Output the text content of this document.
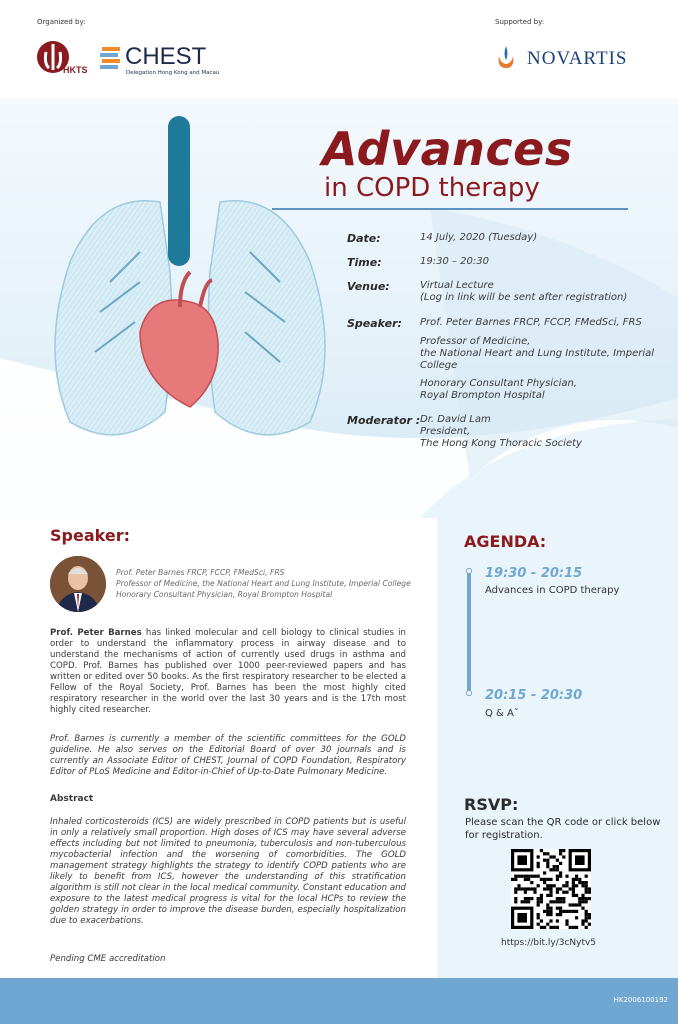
Organized by:	Supported by:
HKTS CHEST
Delegation Hong Kong and Macau
NOVARTIS
Advances
in COPD therapy
Date:	14 July, 2020 (Tuesday)
Time:	19:30 – 20:30
Venue:	Virtual Lecture
(Log in link will be sent after registration)
Speaker: Prof. Peter Barnes FRCP, FCCP, FMedSci, FRS
Professor of Medicine,
the National Heart and Lung Institute, Imperial
College
Honorary Consultant Physician,
Royal Brompton Hospital
Moderator : Dr. David Lam
President,
The Hong Kong Thoracic Society
Speaker:
Prof. Peter Barnes FRCP, FCCP, FMedSci, FRS
Professor of Medicine, the National Heart and Lung Institute, Imperial College
Honorary Consultant Physician, Royal Brompton Hospital

Prof. Peter Barnes has linked molecular and cell biology to clinical studies in order to understand the inflammatory process in airway disease and to understand the mechanisms of action of currently used drugs in asthma and COPD. Prof. Barnes has published over 1000 peer-reviewed papers and has written or edited over 50 books. As the first respiratory researcher to be elected a Fellow of the Royal Society, Prof. Barnes has been the most highly cited respiratory researcher in the world over the last 30 years and is the 17th most highly cited researcher.

Prof. Barnes is currently a member of the scientific committees for the GOLD guideline. He also serves on the Editorial Board of over 30 journals and is currently an Associate Editor of CHEST, Journal of COPD Foundation, Respiratory Editor of PLoS Medicine and Editor-in-Chief of Up-to-Date Pulmonary Medicine.

Abstract

Inhaled corticosteroids (ICS) are widely prescribed in COPD patients but is useful in only a relatively small proportion. High doses of ICS may have several adverse effects including but not limited to pneumonia, tuberculosis and non-tuberculous mycobacterial infection and the worsening of comorbidities. The GOLD management strategy highlights the strategy to identify COPD patients who are likely to benefit from ICS, however the understanding of this stratification algorithm is still not clear in the local medical community. Constant education and exposure to the latest medical progress is vital for the local HCPs to review the golden strategy in order to improve the disease burden, especially hospitalization due to exacerbations.

Pending CME accreditation

AGENDA:
19:30 - 20:15
Advances in COPD therapy
20:15 - 20:30
Q & Aˇ
RSVP:

Please scan the QR code or click below for registration.

https://bit.ly/3cNytv5
HK2006100192
